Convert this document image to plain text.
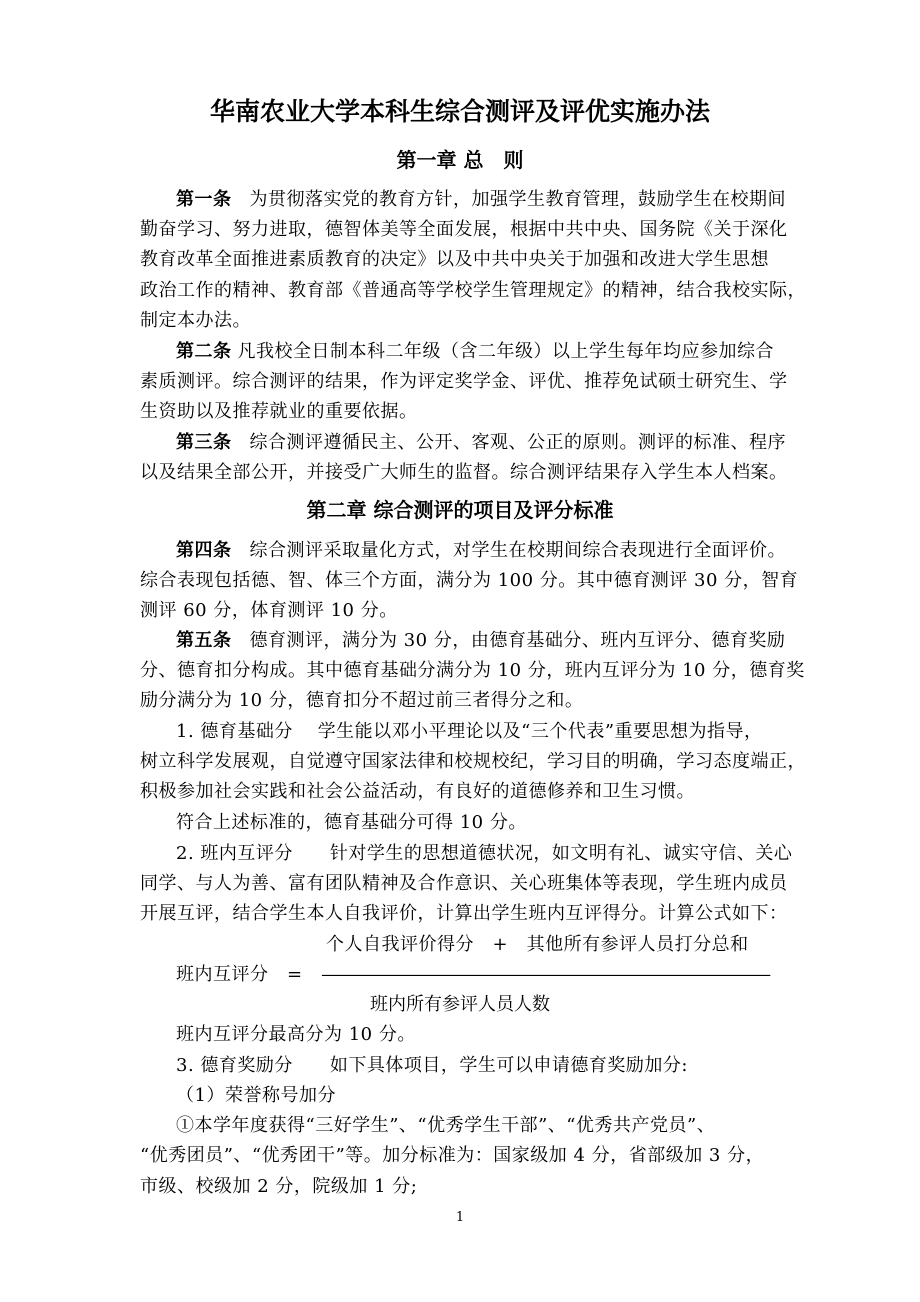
华南农业大学本科生综合测评及评优实施办法
第一章 总　则
第一条 为贯彻落实党的教育方针，加强学生教育管理，鼓励学生在校期间
勤奋学习、努力进取，德智体美等全面发展，根据中共中央、国务院《关于深化
教育改革全面推进素质教育的决定》以及中共中央关于加强和改进大学生思想
政治工作的精神、教育部《普通高等学校学生管理规定》的精神，结合我校实际，
制定本办法。
第二条 凡我校全日制本科二年级（含二年级）以上学生每年均应参加综合
素质测评。综合测评的结果，作为评定奖学金、评优、推荐免试硕士研究生、学
生资助以及推荐就业的重要依据。
第三条 综合测评遵循民主、公开、客观、公正的原则。测评的标准、程序
以及结果全部公开，并接受广大师生的监督。综合测评结果存入学生本人档案。
第二章 综合测评的项目及评分标准
第四条 综合测评采取量化方式，对学生在校期间综合表现进行全面评价。
综合表现包括德、智、体三个方面，满分为 100 分。其中德育测评 30 分，智育
测评 60 分，体育测评 10 分。
第五条 德育测评，满分为 30 分，由德育基础分、班内互评分、德育奖励
分、德育扣分构成。其中德育基础分满分为 10 分，班内互评分为 10 分，德育奖
励分满分为 10 分，德育扣分不超过前三者得分之和。
1. 德育基础分　 学生能以邓小平理论以及“三个代表”重要思想为指导，
树立科学发展观，自觉遵守国家法律和校规校纪，学习目的明确，学习态度端正，
积极参加社会实践和社会公益活动，有良好的道德修养和卫生习惯。
符合上述标准的，德育基础分可得 10 分。
2. 班内互评分　　针对学生的思想道德状况，如文明有礼、诚实守信、关心
同学、与人为善、富有团队精神及合作意识、关心班集体等表现，学生班内成员
开展互评，结合学生本人自我评价，计算出学生班内互评得分。计算公式如下：
个人自我评价得分　+　其他所有参评人员打分总和
班内互评分　=　————————————————————————————
班内所有参评人员人数
班内互评分最高分为 10 分。
3. 德育奖励分　　如下具体项目，学生可以申请德育奖励加分:
（1）荣誉称号加分
①本学年度获得“三好学生”、“优秀学生干部”、“优秀共产党员”、
“优秀团员”、“优秀团干”等。加分标准为：国家级加 4 分，省部级加 3 分，
市级、校级加 2 分，院级加 1 分;
1
